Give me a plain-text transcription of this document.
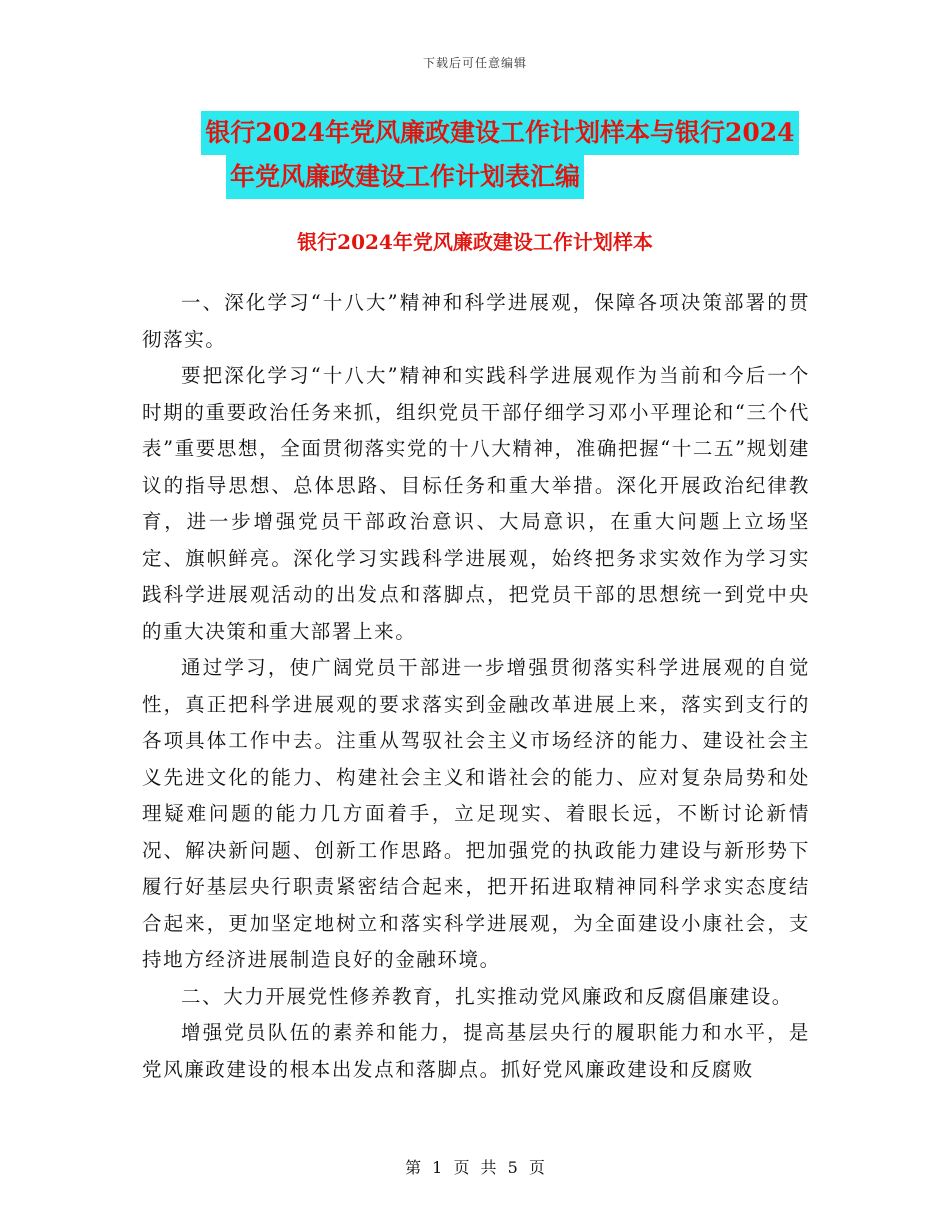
下载后可任意编辑
银行2024年党风廉政建设工作计划样本与银行2024
年党风廉政建设工作计划表汇编
银行2024年党风廉政建设工作计划样本

一、深化学习“十八大”精神和科学进展观，保障各项决策部署的贯彻落实。

要把深化学习“十八大”精神和实践科学进展观作为当前和今后一个时期的重要政治任务来抓，组织党员干部仔细学习邓小平理论和“三个代表”重要思想，全面贯彻落实党的十八大精神，准确把握“十二五”规划建议的指导思想、总体思路、目标任务和重大举措。深化开展政治纪律教育，进一步增强党员干部政治意识、大局意识，在重大问题上立场坚定、旗帜鲜亮。深化学习实践科学进展观，始终把务求实效作为学习实践科学进展观活动的出发点和落脚点，把党员干部的思想统一到党中央的重大决策和重大部署上来。

通过学习，使广阔党员干部进一步增强贯彻落实科学进展观的自觉性，真正把科学进展观的要求落实到金融改革进展上来，落实到支行的各项具体工作中去。注重从驾驭社会主义市场经济的能力、建设社会主义先进文化的能力、构建社会主义和谐社会的能力、应对复杂局势和处理疑难问题的能力几方面着手，立足现实、着眼长远，不断讨论新情况、解决新问题、创新工作思路。把加强党的执政能力建设与新形势下履行好基层央行职责紧密结合起来，把开拓进取精神同科学求实态度结合起来，更加坚定地树立和落实科学进展观，为全面建设小康社会，支持地方经济进展制造良好的金融环境。

二、大力开展党性修养教育，扎实推动党风廉政和反腐倡廉建设。

增强党员队伍的素养和能力，提高基层央行的履职能力和水平，是党风廉政建设的根本出发点和落脚点。抓好党风廉政建设和反腐败

第 1 页 共 5 页
